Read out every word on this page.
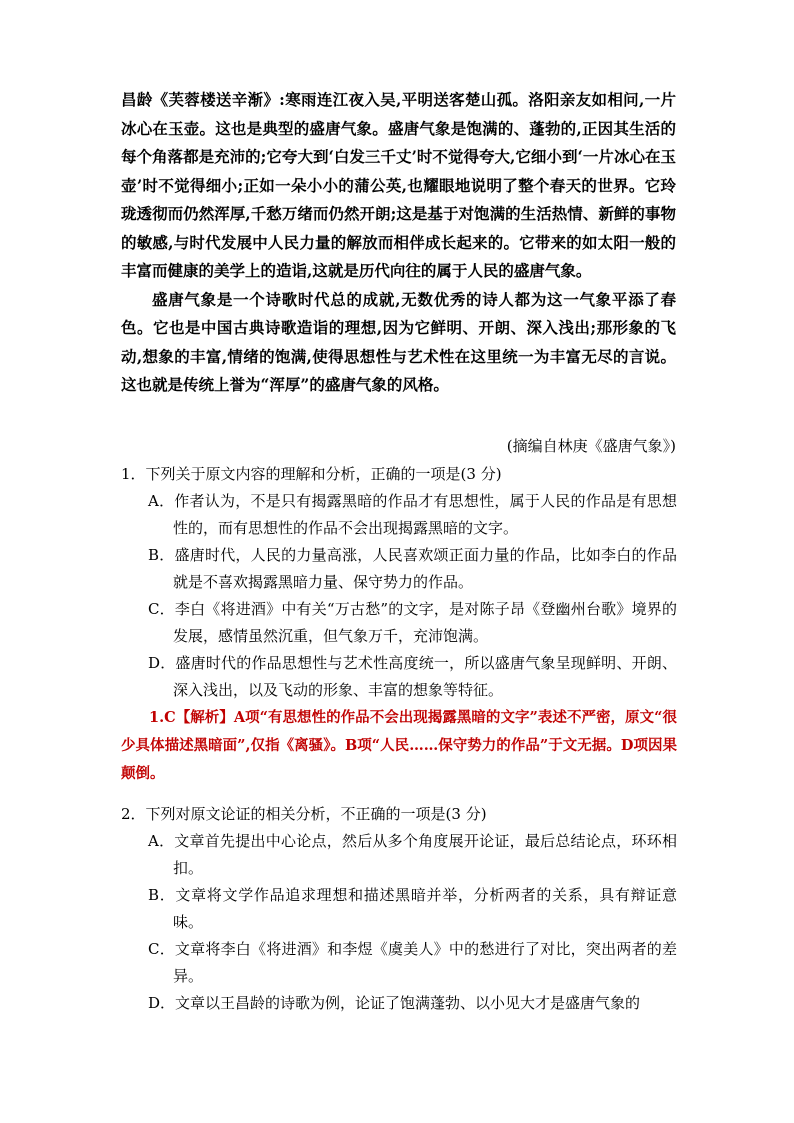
昌龄《芙蓉楼送辛渐》:寒雨连江夜入吴,平明送客楚山孤。洛阳亲友如相问,一片冰心在玉壶。这也是典型的盛唐气象。盛唐气象是饱满的、蓬勃的,正因其生活的每个角落都是充沛的;它夸大到‘白发三千丈’时不觉得夸大,它细小到‘一片冰心在玉壶’时不觉得细小;正如一朵小小的蒲公英,也耀眼地说明了整个春天的世界。它玲珑透彻而仍然浑厚,千愁万绪而仍然开朗;这是基于对饱满的生活热情、新鲜的事物的敏感,与时代发展中人民力量的解放而相伴成长起来的。它带来的如太阳一般的丰富而健康的美学上的造诣,这就是历代向往的属于人民的盛唐气象。

盛唐气象是一个诗歌时代总的成就,无数优秀的诗人都为这一气象平添了春色。它也是中国古典诗歌造诣的理想,因为它鲜明、开朗、深入浅出;那形象的飞动,想象的丰富,情绪的饱满,使得思想性与艺术性在这里统一为丰富无尽的言说。这也就是传统上誉为“浑厚”的盛唐气象的风格。

(摘编自林庚《盛唐气象》)
1．下列关于原文内容的理解和分析，正确的一项是(3 分)
A．作者认为，不是只有揭露黑暗的作品才有思想性，属于人民的作品是有思想性的，而有思想性的作品不会出现揭露黑暗的文字。
B．盛唐时代，人民的力量高涨，人民喜欢颂正面力量的作品，比如李白的作品就是不喜欢揭露黑暗力量、保守势力的作品。
C．李白《将进酒》中有关“万古愁”的文字，是对陈子昂《登幽州台歌》境界的发展，感情虽然沉重，但气象万千，充沛饱满。
D．盛唐时代的作品思想性与艺术性高度统一，所以盛唐气象呈现鲜明、开朗、深入浅出，以及飞动的形象、丰富的想象等特征。
1.C【解析】A项“有思想性的作品不会出现揭露黑暗的文字”表述不严密，原文“很少具体描述黑暗面”,仅指《离骚》。B项“人民……保守势力的作品”于文无据。D项因果颠倒。
2．下列对原文论证的相关分析，不正确的一项是(3 分)
A．文章首先提出中心论点，然后从多个角度展开论证，最后总结论点，环环相扣。
B．文章将文学作品追求理想和描述黑暗并举，分析两者的关系，具有辩证意味。
C．文章将李白《将进酒》和李煜《虞美人》中的愁进行了对比，突出两者的差异。
D．文章以王昌龄的诗歌为例，论证了饱满蓬勃、以小见大才是盛唐气象的
